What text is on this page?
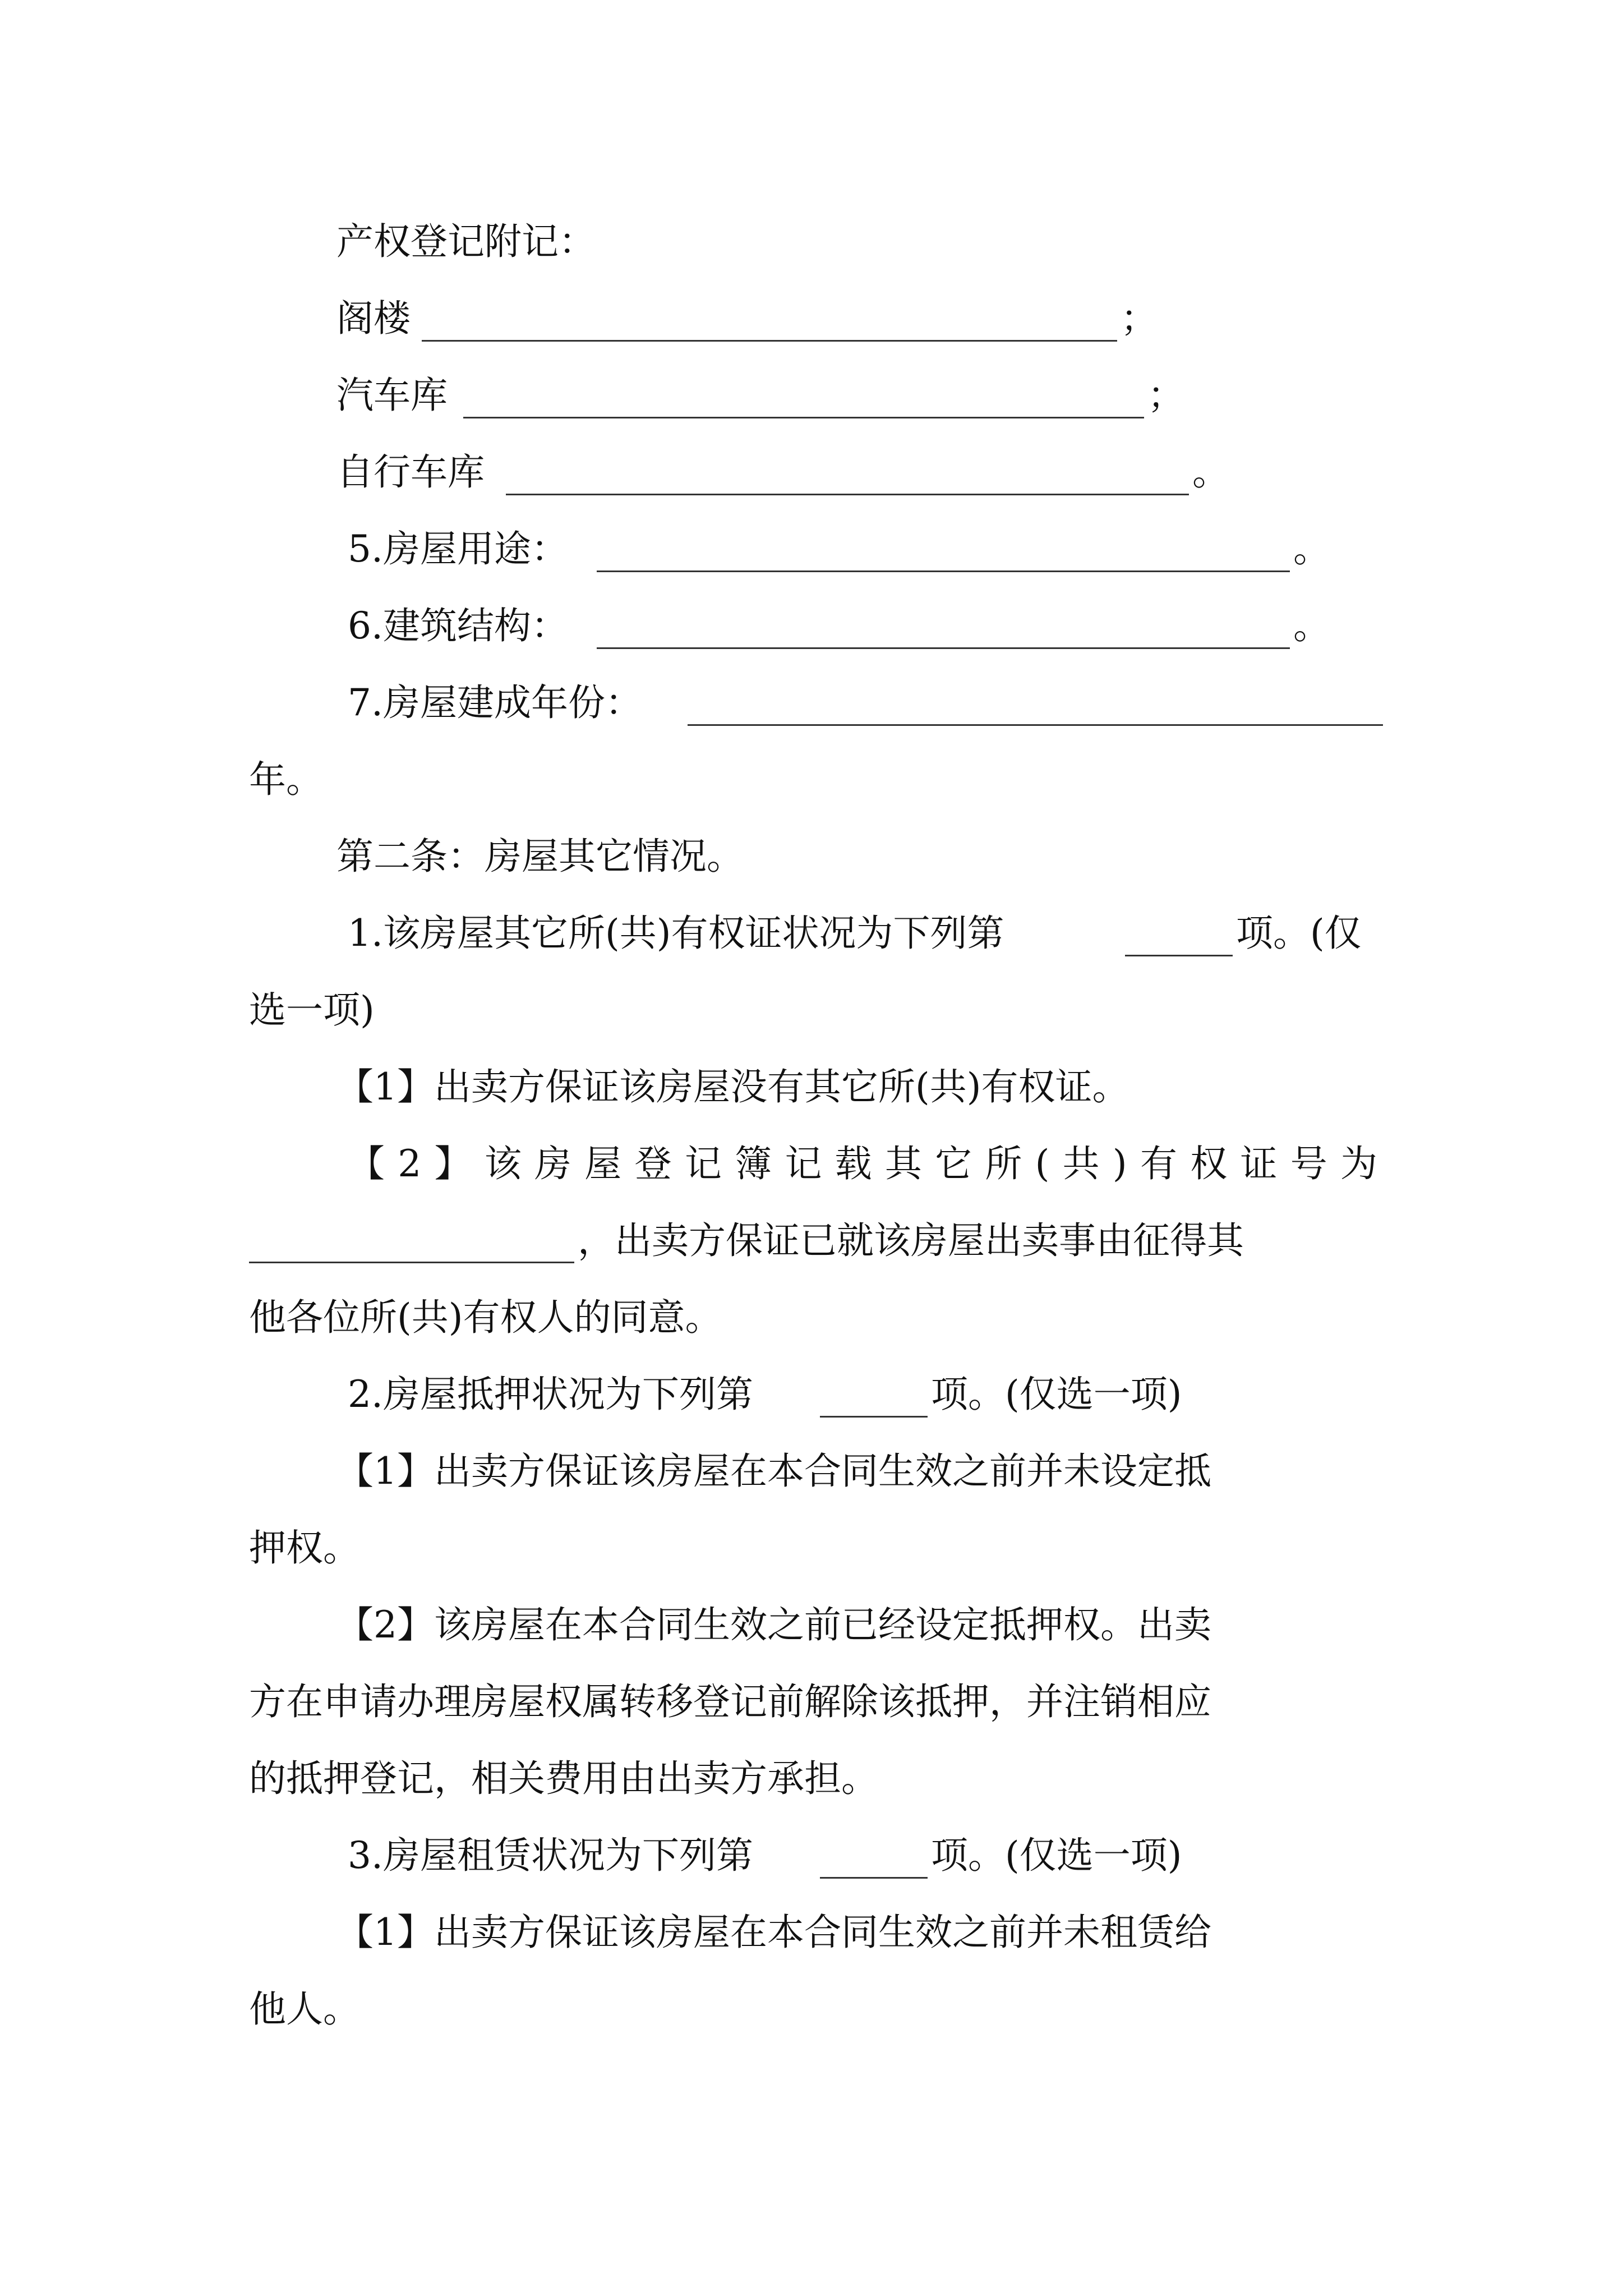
产权登记附记：
阁楼	；
汽车库	；
自行车库	。
5.房屋用途：	。
6.建筑结构：	。
7.房屋建成年份：
年。
第二条：房屋其它情况。
1.该房屋其它所(共)有权证状况为下列第	项。(仅
选一项)
【1】出卖方保证该房屋没有其它所(共)有权证。
【2】该房屋登记簿记载其它所(共)有权证号为
，出卖方保证已就该房屋出卖事由征得其
他各位所(共)有权人的同意。
2.房屋抵押状况为下列第	项。(仅选一项)
【1】出卖方保证该房屋在本合同生效之前并未设定抵
押权。
【2】该房屋在本合同生效之前已经设定抵押权。出卖
方在申请办理房屋权属转移登记前解除该抵押，并注销相应
的抵押登记，相关费用由出卖方承担。
3.房屋租赁状况为下列第	项。(仅选一项)
【1】出卖方保证该房屋在本合同生效之前并未租赁给
他人。
